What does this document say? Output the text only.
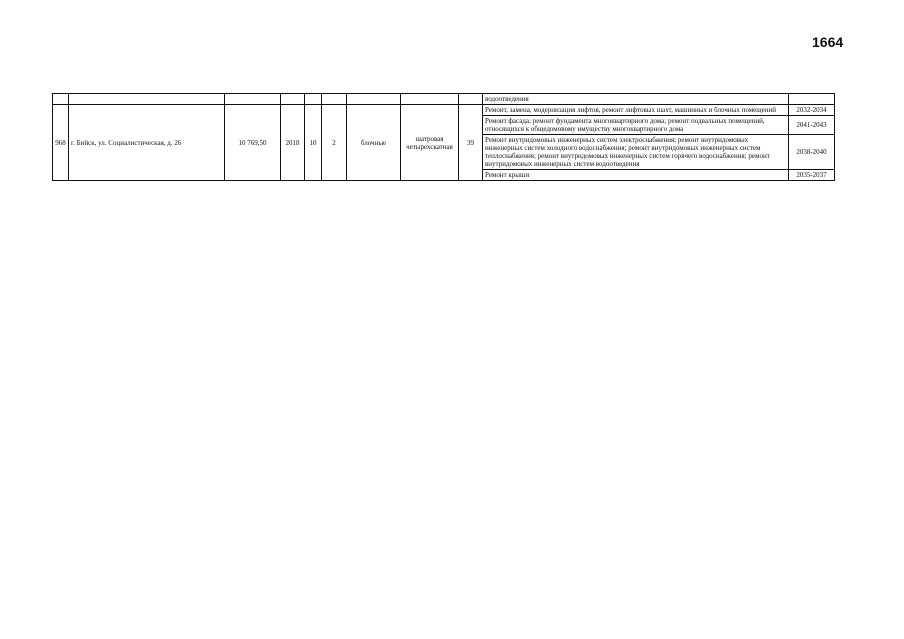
1664
									водоотведения	
968	г. Бийск, ул. Социалистическая, д. 26	10 769,50	2018	10	2	блочные	шатровая четырехскатная	39	Ремонт, замена, модернизация лифтов, ремонт лифтовых шахт, машинных и блочных помещений	2032-2034
									Ремонт фасада; ремонт фундамента многоквартирного дома; ремонт подвальных помещений, относящихся к общедомовому имуществу многоквартирного дома	2041-2043
									Ремонт внутридомовых инженерных систем электроснабжения; ремонт внутридомовых инженерных систем холодного водоснабжения; ремонт внутридомовых инженерных систем теплоснабжения; ремонт внутридомовых инженерных систем горячего водоснабжения; ремонт внутридомовых инженерных систем водоотведения	2038-2040
									Ремонт крыши	2035-2037
